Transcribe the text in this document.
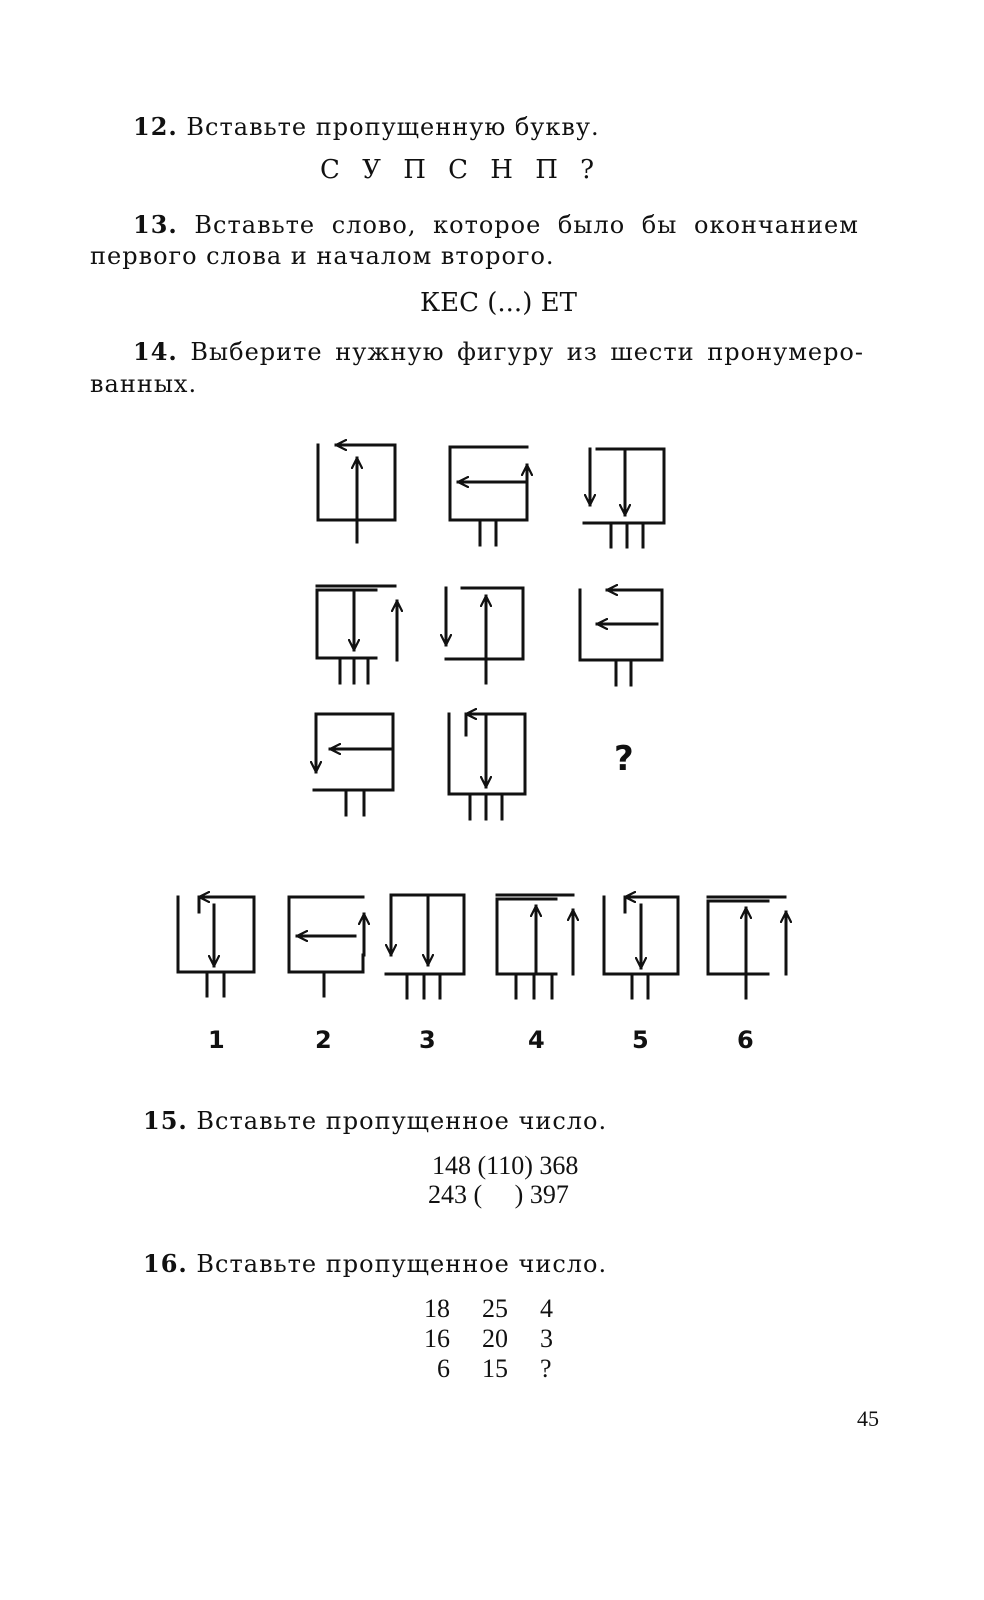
12. Вставьте пропущенную букву.
С У П С Н П ?
13. Вставьте слово, которое было бы окончанием
первого слова и началом второго.
КЕС (...) ЕТ
14. Выберите нужную фигуру из шести пронумеро-
ванных.
?
1	2	3	4	5	6
15. Вставьте пропущенное число.
148 (110) 368
243 (     ) 397
16. Вставьте пропущенное число.
18 25 4
16 20 3
6 15 ?
45
